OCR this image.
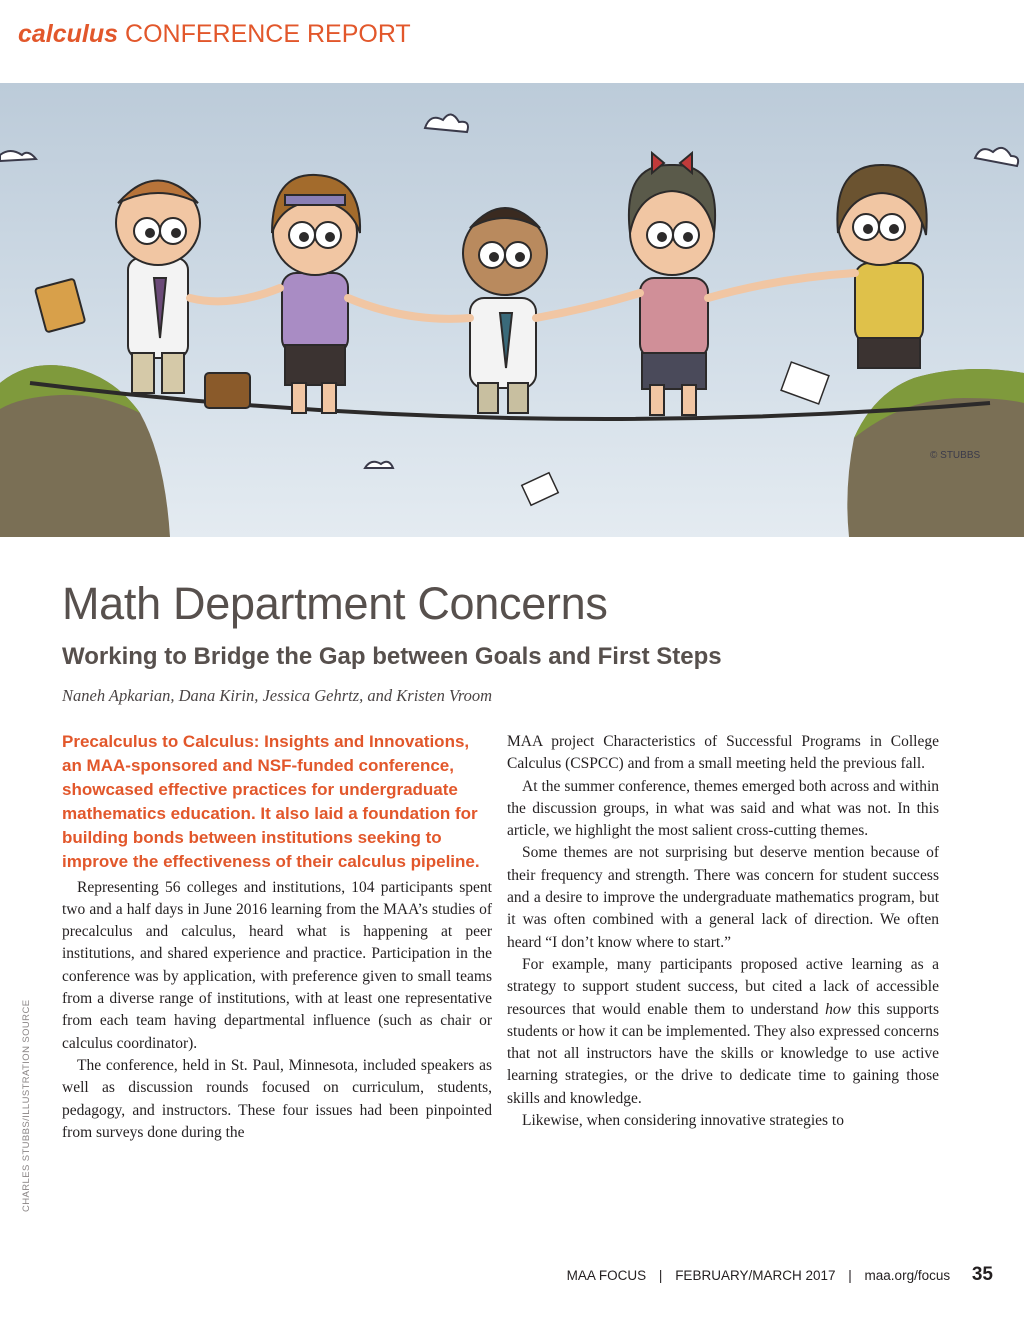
calculus CONFERENCE REPORT
© STUBBS
Math Department Concerns
Working to Bridge the Gap between Goals and First Steps

Naneh Apkarian, Dana Kirin, Jessica Gehrtz, and Kristen Vroom

Precalculus to Calculus: Insights and Innovations, an MAA-sponsored and NSF-funded conference, showcased effective practices for undergraduate mathematics education. It also laid a foundation for building bonds between institutions seeking to improve the effectiveness of their calculus pipeline.

Representing 56 colleges and institutions, 104 participants spent two and a half days in June 2016 learning from the MAA’s studies of precalculus and calculus, heard what is happening at peer institutions, and shared experience and practice. Participation in the conference was by application, with preference given to small teams from a diverse range of institutions, with at least one representative from each team having departmental influence (such as chair or calculus coordinator).

The conference, held in St. Paul, Minnesota, included speakers as well as discussion rounds focused on curriculum, students, pedagogy, and instructors. These four issues had been pinpointed from surveys done during the

MAA project Characteristics of Successful Programs in College Calculus (CSPCC) and from a small meeting held the previous fall.

At the summer conference, themes emerged both across and within the discussion groups, in what was said and what was not. In this article, we highlight the most salient cross-cutting themes.

Some themes are not surprising but deserve mention because of their frequency and strength. There was concern for student success and a desire to improve the undergraduate mathematics program, but it was often combined with a general lack of direction. We often heard “I don’t know where to start.”

For example, many participants proposed active learning as a strategy to support student success, but cited a lack of accessible resources that would enable them to understand how this supports students or how it can be implemented. They also expressed concerns that not all instructors have the skills or knowledge to use active learning strategies, or the drive to dedicate time to gaining those skills and knowledge.

Likewise, when considering innovative strategies to

CHARLES STUBBS/ILLUSTRATION SOURCE
MAA FOCUS | FEBRUARY/MARCH 2017 | maa.org/focus 35
